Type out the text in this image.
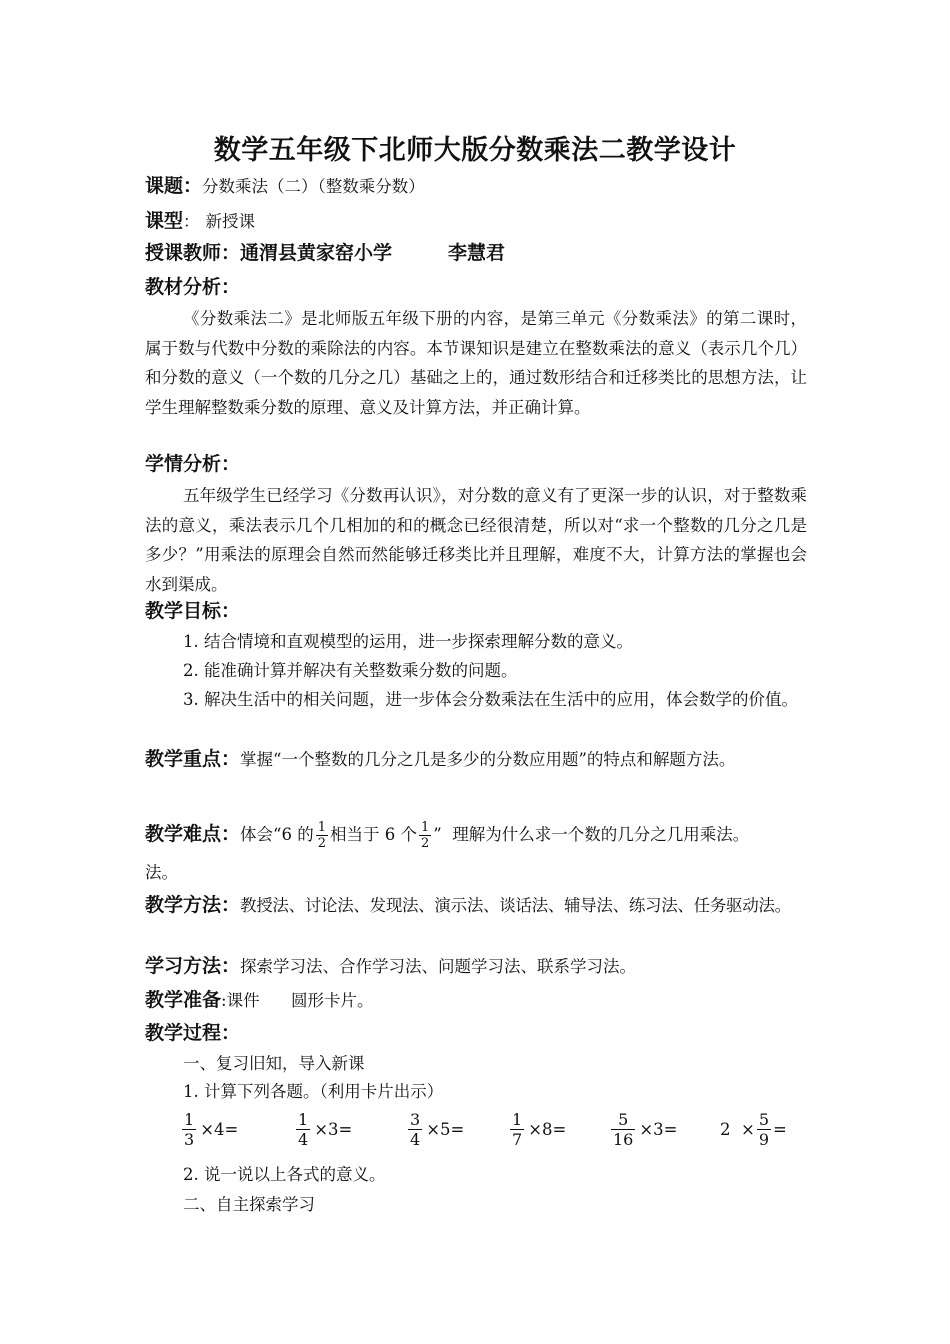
数学五年级下北师大版分数乘法二教学设计
课题：分数乘法（二）（整数乘分数）
课型： 新授课
授课教师：通渭县黄家窑小学	李慧君
教材分析：
《分数乘法二》是北师版五年级下册的内容，是第三单元《分数乘法》的第二课时，属于数与代数中分数的乘除法的内容。本节课知识是建立在整数乘法的意义（表示几个几）和分数的意义（一个数的几分之几）基础之上的，通过数形结合和迁移类比的思想方法，让学生理解整数乘分数的原理、意义及计算方法，并正确计算。
学情分析：
五年级学生已经学习《分数再认识》，对分数的意义有了更深一步的认识，对于整数乘法的意义，乘法表示几个几相加的和的概念已经很清楚，所以对“求一个整数的几分之几是多少？”用乘法的原理会自然而然能够迁移类比并且理解，难度不大，计算方法的掌握也会水到渠成。
教学目标：
1. 结合情境和直观模型的运用，进一步探索理解分数的意义。
2. 能准确计算并解决有关整数乘分数的问题。
3. 解决生活中的相关问题，进一步体会分数乘法在生活中的应用，体会数学的价值。
教学重点：掌握“一个整数的几分之几是多少的分数应用题”的特点和解题方法。
教学难点：体会“6 的 $\frac{1}{2}$ 相当于 6 个 $\frac{1}{2}$ ”  理解为什么求一个数的几分之几用乘法。
法。
教学方法：教授法、讨论法、发现法、演示法、谈话法、辅导法、练习法、任务驱动法。
学习方法：探索学习法、合作学习法、问题学习法、联系学习法。
教学准备:课件      圆形卡片。
教学过程：
一、复习旧知，导入新课
1. 计算下列各题。（利用卡片出示）
$\frac{1}{3} \times 4=$	$\frac{1}{4} \times 3=$	$\frac{3}{4} \times 5=$	$\frac{1}{7} \times 8=$	$\frac{5}{16} \times 3=$	$2 \times \frac{5}{9}$ =
2. 说一说以上各式的意义。
二、自主探索学习
